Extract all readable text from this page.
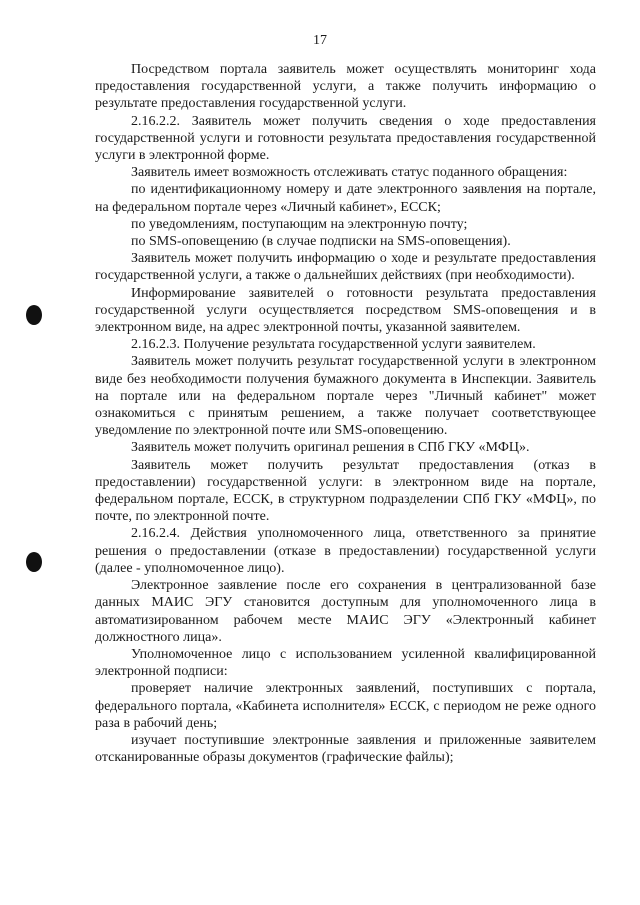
17

Посредством портала заявитель может осуществлять мониторинг хода предоставления государственной услуги, а также получить информацию о результате предоставления государственной услуги.

2.16.2.2. Заявитель может получить сведения о ходе предоставления государственной услуги и готовности результата предоставления государственной услуги в электронной форме.

Заявитель имеет возможность отслеживать статус поданного обращения:

по идентификационному номеру и дате электронного заявления на портале, на федеральном портале через «Личный кабинет», ЕССК;

по уведомлениям, поступающим на электронную почту;

по SMS-оповещению (в случае подписки на SMS-оповещения).

Заявитель может получить информацию о ходе и результате предоставления государственной услуги, а также о дальнейших действиях (при необходимости).

Информирование заявителей о готовности результата предоставления государственной услуги осуществляется посредством SMS-оповещения и в электронном виде, на адрес электронной почты, указанной заявителем.

2.16.2.3. Получение результата государственной услуги заявителем.

Заявитель может получить результат государственной услуги в электронном виде без необходимости получения бумажного документа в Инспекции. Заявитель на портале или на федеральном портале через "Личный кабинет" может ознакомиться с принятым решением, а также получает соответствующее уведомление по электронной почте или SMS-оповещению.

Заявитель может получить оригинал решения в СПб ГКУ «МФЦ».

Заявитель может получить результат предоставления (отказ в предоставлении) государственной услуги: в электронном виде на портале, федеральном портале, ЕССК, в структурном подразделении СПб ГКУ «МФЦ», по почте, по электронной почте.

2.16.2.4. Действия уполномоченного лица, ответственного за принятие решения о предоставлении (отказе в предоставлении) государственной услуги (далее - уполномоченное лицо).

Электронное заявление после его сохранения в централизованной базе данных МАИС ЭГУ становится доступным для уполномоченного лица в автоматизированном рабочем месте МАИС ЭГУ «Электронный кабинет должностного лица».

Уполномоченное лицо с использованием усиленной квалифицированной электронной подписи:

проверяет наличие электронных заявлений, поступивших с портала, федерального портала, «Кабинета исполнителя» ЕССК, с периодом не реже одного раза в рабочий день;

изучает поступившие электронные заявления и приложенные заявителем отсканированные образы документов (графические файлы);
